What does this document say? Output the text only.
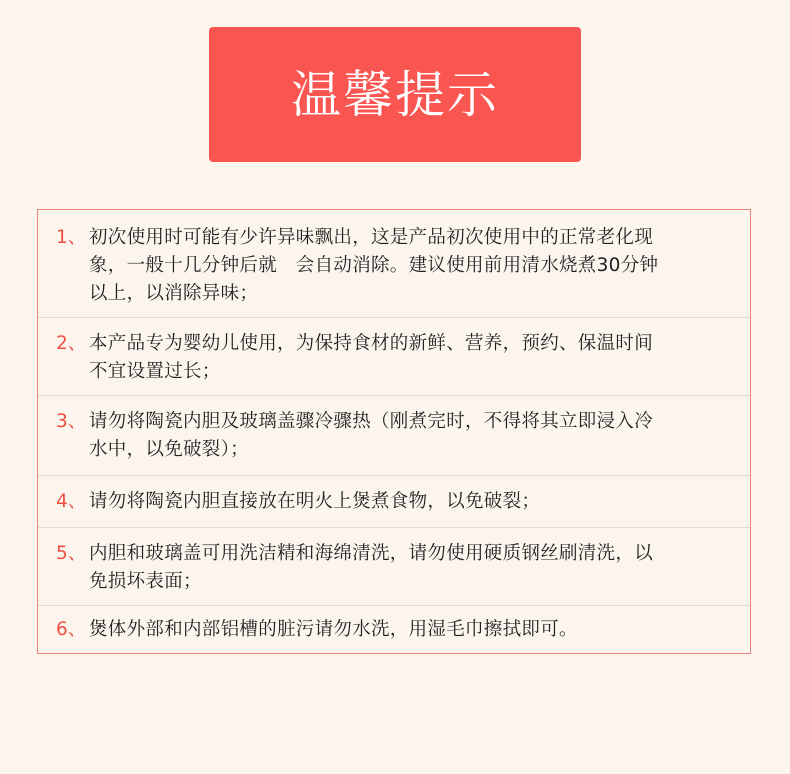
温馨提示
1、 初次使用时可能有少许异味飘出，这是产品初次使用中的正常老化现
象，一般十几分钟后就　会自动消除。建议使用前用清水烧煮30分钟
以上，以消除异味；
2、 本产品专为婴幼儿使用，为保持食材的新鲜、营养，预约、保温时间
不宜设置过长；
3、 请勿将陶瓷内胆及玻璃盖骤冷骤热（刚煮完时，不得将其立即浸入冷
水中，以免破裂）；
4、 请勿将陶瓷内胆直接放在明火上煲煮食物，以免破裂；
5、 内胆和玻璃盖可用洗洁精和海绵清洗，请勿使用硬质钢丝刷清洗，以
免损坏表面；
6、 煲体外部和内部铝槽的脏污请勿水洗，用湿毛巾擦拭即可。
